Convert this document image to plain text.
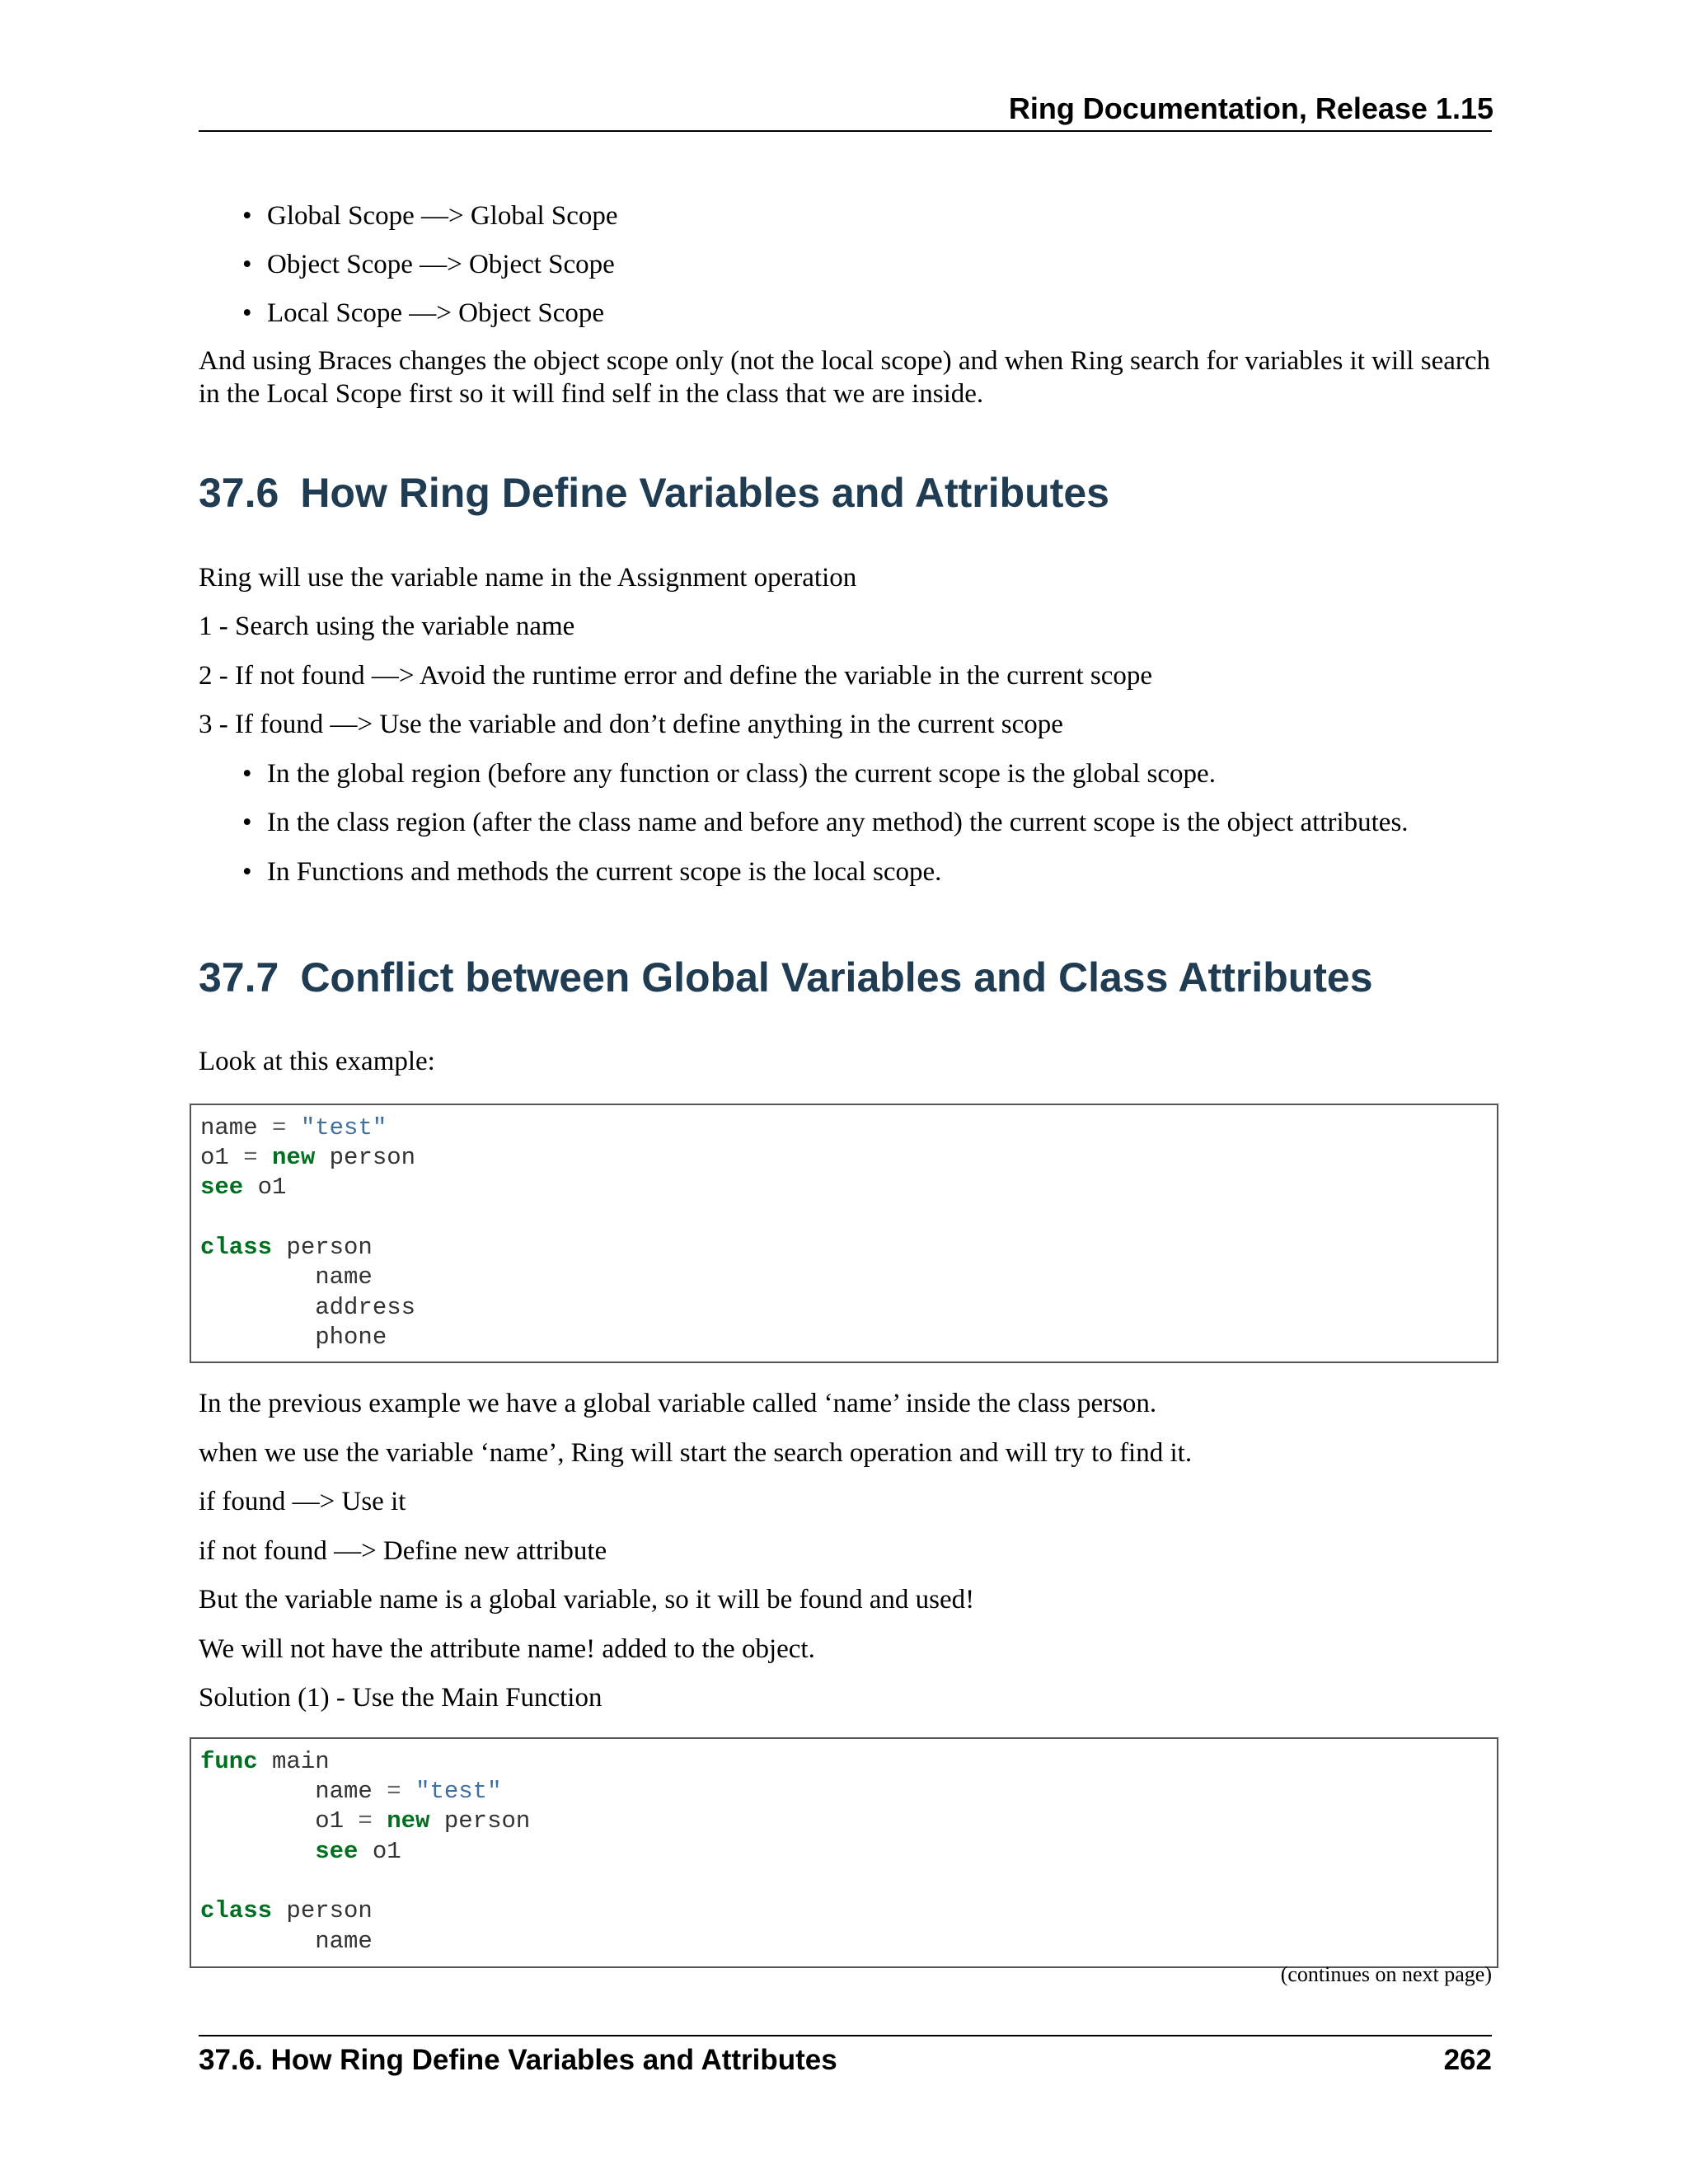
Ring Documentation, Release 1.15
• Global Scope —> Global Scope
• Object Scope —> Object Scope
• Local Scope —> Object Scope
And using Braces changes the object scope only (not the local scope) and when Ring search for variables it will search in the Local Scope first so it will find self in the class that we are inside.
37.6 How Ring Define Variables and Attributes
Ring will use the variable name in the Assignment operation
1 - Search using the variable name
2 - If not found —> Avoid the runtime error and define the variable in the current scope
3 - If found —> Use the variable and don’t define anything in the current scope
• In the global region (before any function or class) the current scope is the global scope.
• In the class region (after the class name and before any method) the current scope is the object attributes.
• In Functions and methods the current scope is the local scope.
37.7 Conflict between Global Variables and Class Attributes
Look at this example:
name = "test"
o1 = new person
see o1
class person
name
address
phone
In the previous example we have a global variable called ‘name’ inside the class person.
when we use the variable ‘name’, Ring will start the search operation and will try to find it.
if found —> Use it
if not found —> Define new attribute
But the variable name is a global variable, so it will be found and used!
We will not have the attribute name! added to the object.
Solution (1) - Use the Main Function
func main
name = "test"
o1 = new person
see o1
class person
name
(continues on next page)
37.6. How Ring Define Variables and Attributes	262
